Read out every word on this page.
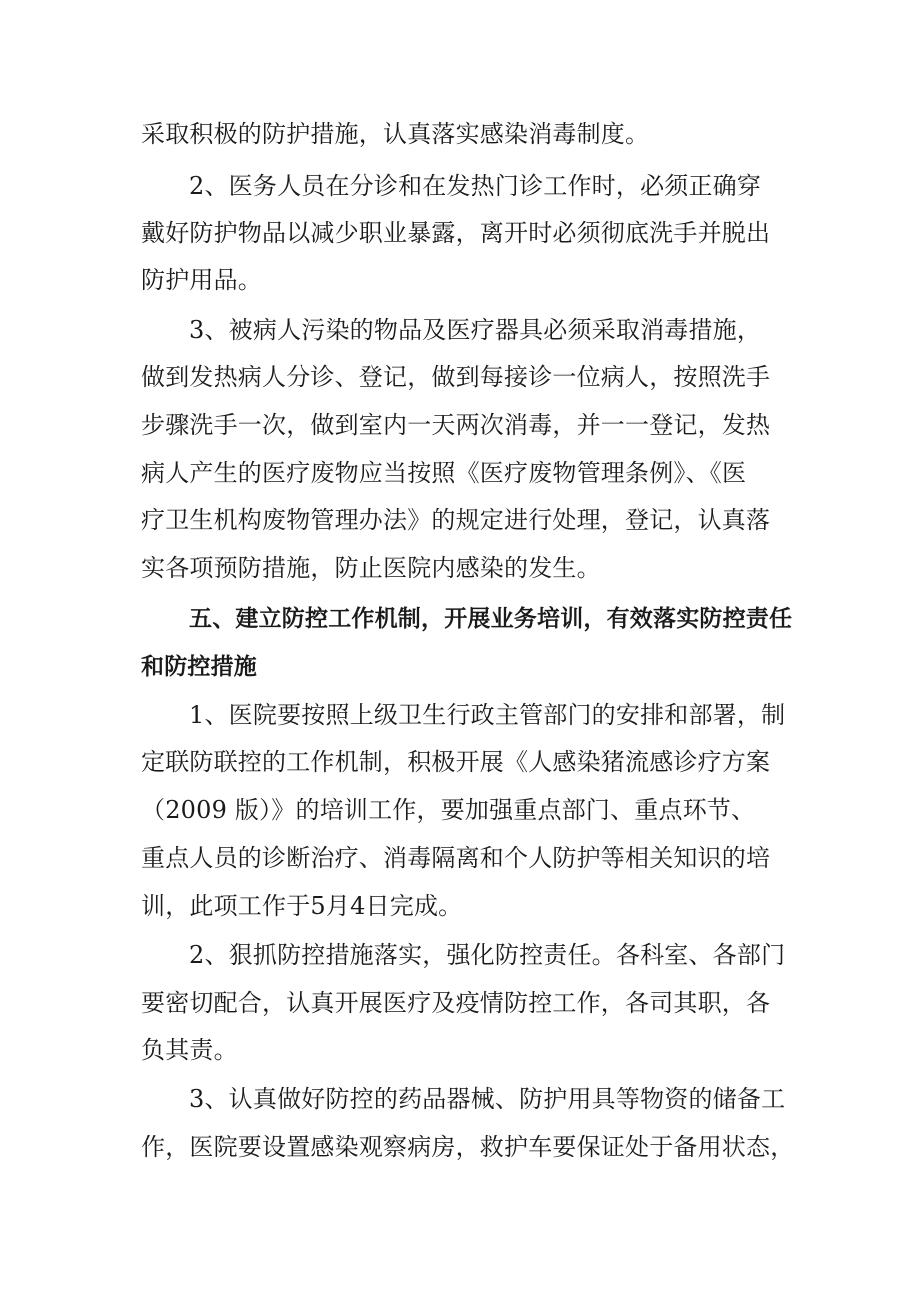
采取积极的防护措施，认真落实感染消毒制度。
2、医务人员在分诊和在发热门诊工作时，必须正确穿
戴好防护物品以减少职业暴露，离开时必须彻底洗手并脱出
防护用品。
3、被病人污染的物品及医疗器具必须采取消毒措施，
做到发热病人分诊、登记，做到每接诊一位病人，按照洗手
步骤洗手一次，做到室内一天两次消毒，并一一登记，发热
病人产生的医疗废物应当按照《医疗废物管理条例》、《医
疗卫生机构废物管理办法》的规定进行处理，登记，认真落
实各项预防措施，防止医院内感染的发生。
五、建立防控工作机制，开展业务培训，有效落实防控责任
和防控措施
1、医院要按照上级卫生行政主管部门的安排和部署，制
定联防联控的工作机制，积极开展《人感染猪流感诊疗方案
（2009 版）》的培训工作，要加强重点部门、重点环节、
重点人员的诊断治疗、消毒隔离和个人防护等相关知识的培
训，此项工作于5月4日完成。
2、狠抓防控措施落实，强化防控责任。各科室、各部门
要密切配合，认真开展医疗及疫情防控工作，各司其职，各
负其责。
3、认真做好防控的药品器械、防护用具等物资的储备工
作，医院要设置感染观察病房，救护车要保证处于备用状态，
